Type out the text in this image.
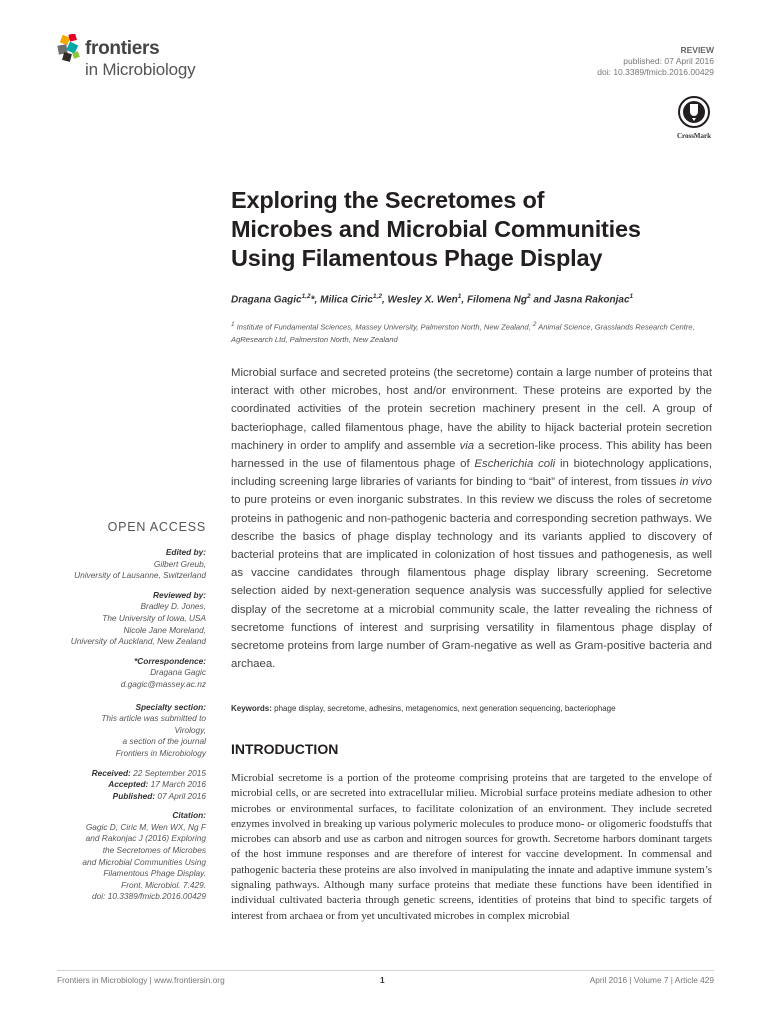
frontiers
in Microbiology
REVIEW
published: 07 April 2016
doi: 10.3389/fmicb.2016.00429
CrossMark
Exploring the Secretomes of
Microbes and Microbial Communities
Using Filamentous Phage Display
Dragana Gagic$^{1,2}$*, Milica Ciric$^{1,2}$, Wesley X. Wen$^1$, Filomena Ng$^2$ and Jasna Rakonjac$^1$
$^1$ Institute of Fundamental Sciences, Massey University, Palmerston North, New Zealand, $^2$ Animal Science, Grasslands Research Centre, AgResearch Ltd, Palmerston North, New Zealand
Microbial surface and secreted proteins (the secretome) contain a large number of proteins that interact with other microbes, host and/or environment. These proteins are exported by the coordinated activities of the protein secretion machinery present in the cell. A group of bacteriophage, called filamentous phage, have the ability to hijack bacterial protein secretion machinery in order to amplify and assemble via a secretion-like process. This ability has been harnessed in the use of filamentous phage of Escherichia coli in biotechnology applications, including screening large libraries of variants for binding to “bait” of interest, from tissues in vivo to pure proteins or even inorganic substrates. In this review we discuss the roles of secretome proteins in pathogenic and non-pathogenic bacteria and corresponding secretion pathways. We describe the basics of phage display technology and its variants applied to discovery of bacterial proteins that are implicated in colonization of host tissues and pathogenesis, as well as vaccine candidates through filamentous phage display library screening. Secretome selection aided by next-generation sequence analysis was successfully applied for selective display of the secretome at a microbial community scale, the latter revealing the richness of secretome functions of interest and surprising versatility in filamentous phage display of secretome proteins from large number of Gram-negative as well as Gram-positive bacteria and archaea.
Keywords: phage display, secretome, adhesins, metagenomics, next generation sequencing, bacteriophage
INTRODUCTION
Microbial secretome is a portion of the proteome comprising proteins that are targeted to the envelope of microbial cells, or are secreted into extracellular milieu. Microbial surface proteins mediate adhesion to other microbes or environmental surfaces, to facilitate colonization of an environment. They include secreted enzymes involved in breaking up various polymeric molecules to produce mono- or oligomeric foodstuffs that microbes can absorb and use as carbon and nitrogen sources for growth. Secretome harbors dominant targets of the host immune responses and are therefore of interest for vaccine development. In commensal and pathogenic bacteria these proteins are also involved in manipulating the innate and adaptive immune system’s signaling pathways. Although many surface proteins that mediate these functions have been identified in individual cultivated bacteria through genetic screens, identities of proteins that bind to specific targets of interest from archaea or from yet uncultivated microbes in complex microbial
OPEN ACCESS
Edited by:
Gilbert Greub,
University of Lausanne, Switzerland
Reviewed by:
Bradley D. Jones,
The University of Iowa, USA
Nicole Jane Moreland,
University of Auckland, New Zealand
*Correspondence:
Dragana Gagic
d.gagic@massey.ac.nz
Specialty section:
This article was submitted to
Virology,
a section of the journal
Frontiers in Microbiology
Received: 22 September 2015
Accepted: 17 March 2016
Published: 07 April 2016
Citation:
Gagic D, Ciric M, Wen WX, Ng F
and Rakonjac J (2016) Exploring
the Secretomes of Microbes
and Microbial Communities Using
Filamentous Phage Display.
Front. Microbiol. 7:429.
doi: 10.3389/fmicb.2016.00429
Frontiers in Microbiology | www.frontiersin.org	1	April 2016 | Volume 7 | Article 429
